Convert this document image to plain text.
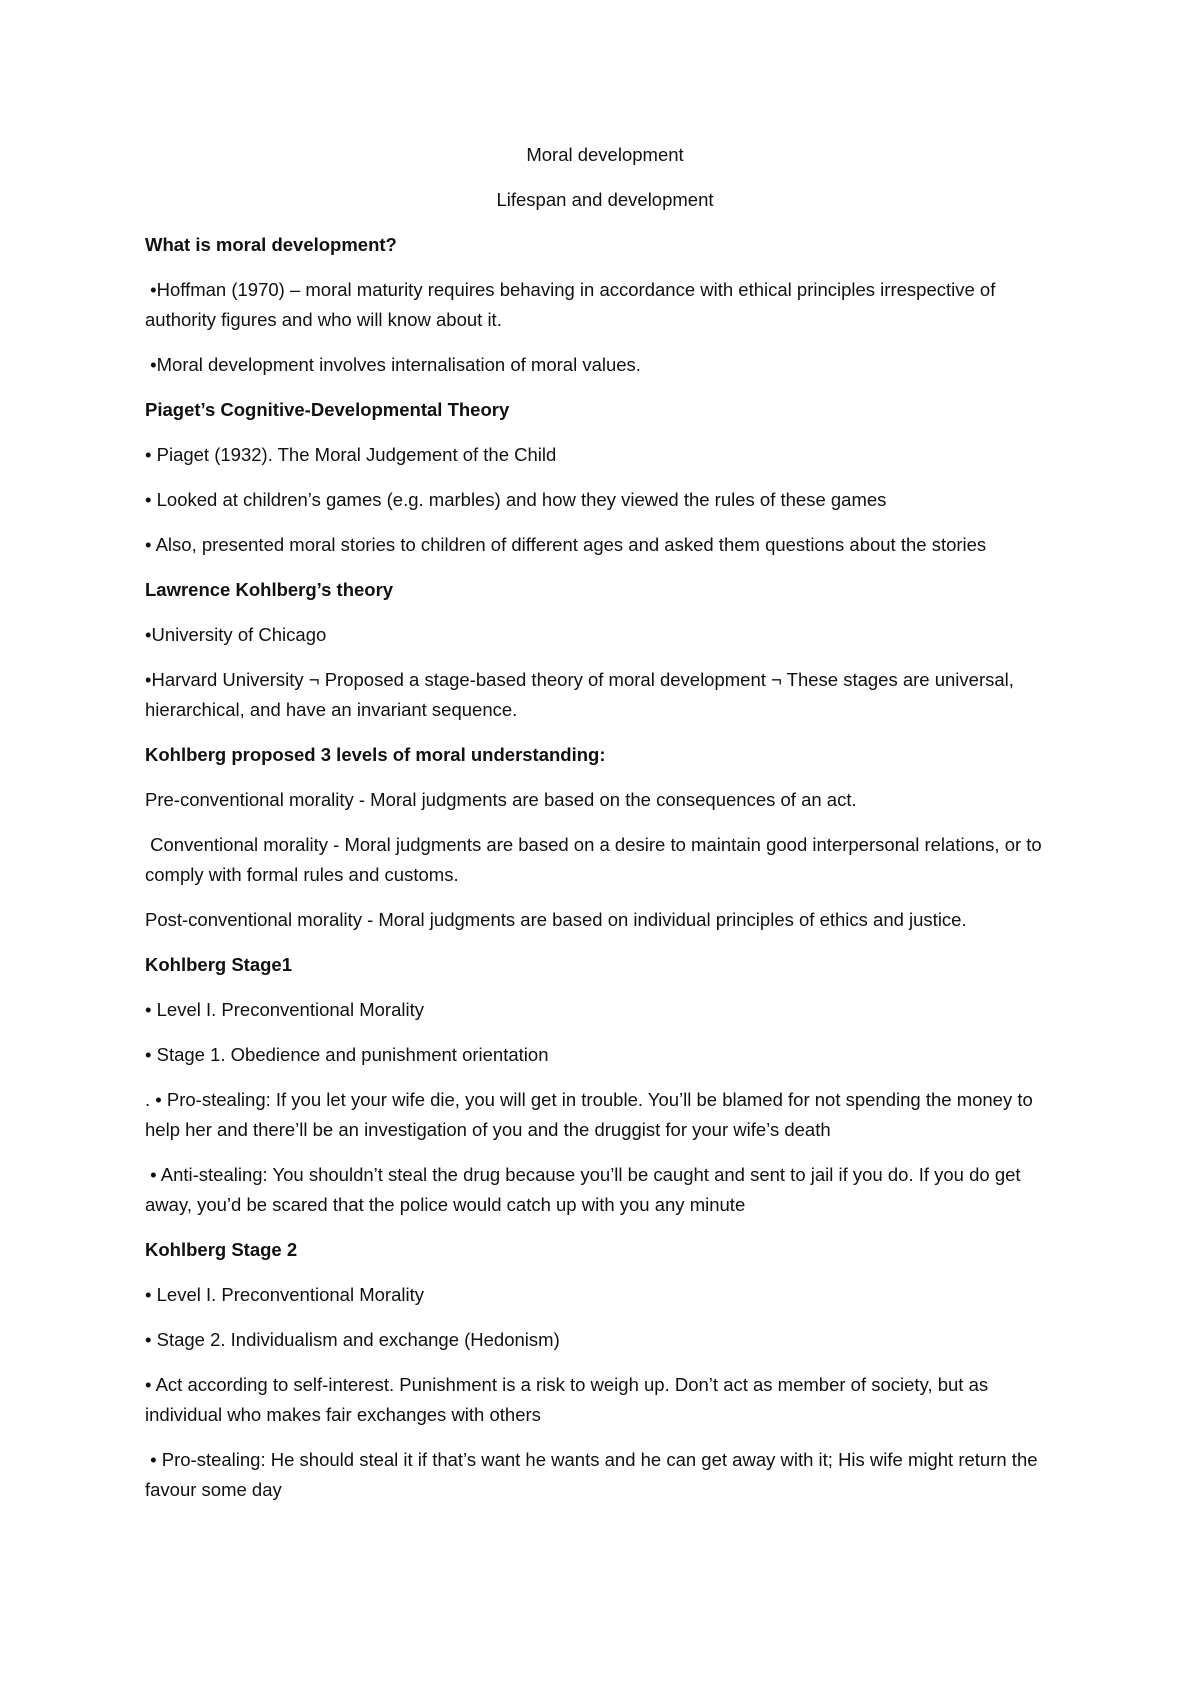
Moral development
Lifespan and development
What is moral development?
•Hoffman (1970) – moral maturity requires behaving in accordance with ethical principles irrespective of authority figures and who will know about it.
•Moral development involves internalisation of moral values.
Piaget’s Cognitive-Developmental Theory
• Piaget (1932). The Moral Judgement of the Child
• Looked at children’s games (e.g. marbles) and how they viewed the rules of these games
• Also, presented moral stories to children of different ages and asked them questions about the stories
Lawrence Kohlberg’s theory
•University of Chicago
•Harvard University ¬ Proposed a stage-based theory of moral development ¬ These stages are universal, hierarchical, and have an invariant sequence.
Kohlberg proposed 3 levels of moral understanding:
Pre-conventional morality - Moral judgments are based on the consequences of an act.
Conventional morality - Moral judgments are based on a desire to maintain good interpersonal relations, or to comply with formal rules and customs.
Post-conventional morality - Moral judgments are based on individual principles of ethics and justice.
Kohlberg Stage1
• Level I. Preconventional Morality
• Stage 1. Obedience and punishment orientation
. • Pro-stealing: If you let your wife die, you will get in trouble. You’ll be blamed for not spending the money to help her and there’ll be an investigation of you and the druggist for your wife’s death
• Anti-stealing: You shouldn’t steal the drug because you’ll be caught and sent to jail if you do. If you do get away, you’d be scared that the police would catch up with you any minute
Kohlberg Stage 2
• Level I. Preconventional Morality
• Stage 2. Individualism and exchange (Hedonism)
• Act according to self-interest. Punishment is a risk to weigh up. Don’t act as member of society, but as individual who makes fair exchanges with others
• Pro-stealing: He should steal it if that’s want he wants and he can get away with it; His wife might return the favour some day
